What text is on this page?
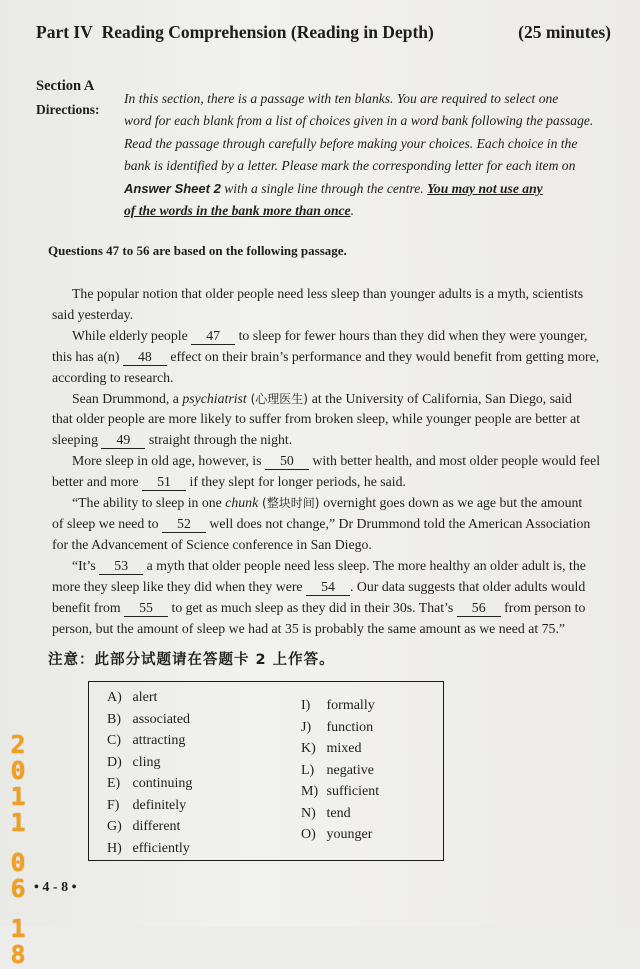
Part IV Reading Comprehension (Reading in Depth)	(25 minutes)
Section A
Directions:
In this section, there is a passage with ten blanks. You are required to select one
word for each blank from a list of choices given in a word bank following the passage.
Read the passage through carefully before making your choices. Each choice in the
bank is identified by a letter. Please mark the corresponding letter for each item on
Answer Sheet 2 with a single line through the centre. You may not use any
of the words in the bank more than once.
Questions 47 to 56 are based on the following passage.
The popular notion that older people need less sleep than younger adults is a myth, scientists
said yesterday.
While elderly people 47 to sleep for fewer hours than they did when they were younger,
this has a(n) 48 effect on their brain’s performance and they would benefit from getting more,
according to research.
Sean Drummond, a psychiatrist (心理医生) at the University of California, San Diego, said
that older people are more likely to suffer from broken sleep, while younger people are better at
sleeping 49 straight through the night.
More sleep in old age, however, is 50 with better health, and most older people would feel
better and more 51 if they slept for longer periods, he said.
“The ability to sleep in one chunk (整块时间) overnight goes down as we age but the amount
of sleep we need to 52 well does not change,” Dr Drummond told the American Association
for the Advancement of Science conference in San Diego.
“It’s 53 a myth that older people need less sleep. The more healthy an older adult is, the
more they sleep like they did when they were 54 . Our data suggests that older adults would
benefit from 55 to get as much sleep as they did in their 30s. That’s 56 from person to
person, but the amount of sleep we had at 35 is probably the same amount as we need at 75.”
注意：此部分试题请在答题卡 2 上作答。
A) alert
B) associated
C) attracting
D) cling
E) continuing
F) definitely
G) different
H) efficiently
I) formally
J) function
K) mixed
L) negative
M) sufficient
N) tend
O) younger
2
0
1
1
0
6
1
8
• 4 - 8 •
